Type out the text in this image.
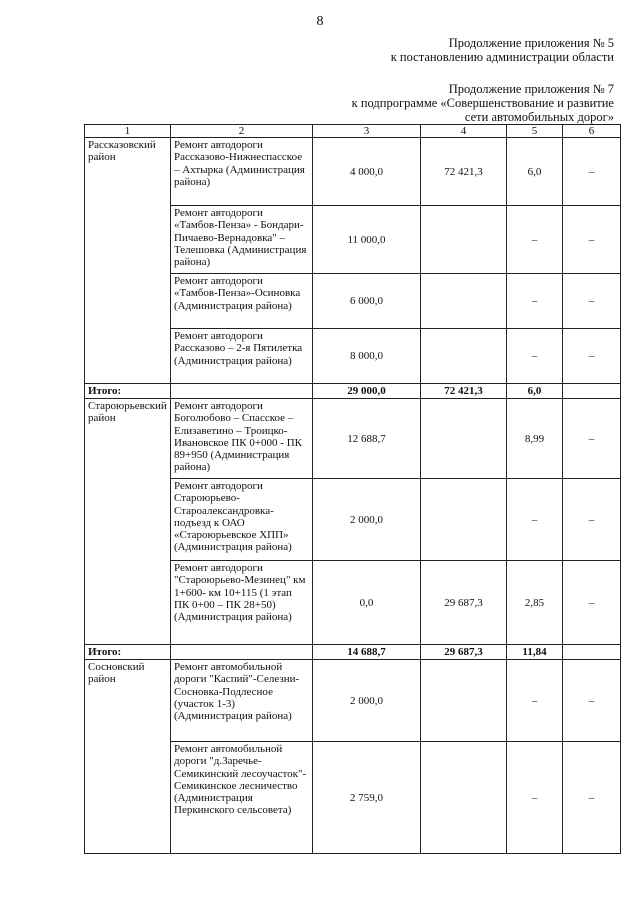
8
Продолжение приложения № 5
к постановлению администрации области
Продолжение приложения № 7
к подпрограмме «Совершенствование и развитие
сети автомобильных дорог»
1	2	3	4	5	6
Рассказовский район	Ремонт автодороги Рассказово-Нижнеспасское – Ахтырка (Администрация района)	4 000,0	72 421,3	6,0	–
	Ремонт автодороги «Тамбов-Пенза» - Бондари-Пичаево-Вернадовка" – Телешовка (Администрация района)	11 000,0		–	–
	Ремонт автодороги «Тамбов-Пенза»-Осиновка (Администрация района)	6 000,0		–	–
	Ремонт автодороги Рассказово – 2-я Пятилетка (Администрация района)	8 000,0		–	–
Итого:		29 000,0	72 421,3	6,0	
Староюрьевский район	Ремонт автодороги Боголюбово – Спасское – Елизаветино – Троицко-Ивановское ПК 0+000 - ПК 89+950 (Администрация района)	12 688,7		8,99	–
	Ремонт автодороги Староюрьево-Староалександровка-подъезд к ОАО «Староюрьевское ХПП» (Администрация района)	2 000,0		–	–
	Ремонт автодороги "Староюрьево-Мезинец" км 1+600- км 10+115 (1 этап ПК 0+00 – ПК 28+50) (Администрация района)	0,0	29 687,3	2,85	–
Итого:		14 688,7	29 687,3	11,84	
Сосновский район	Ремонт автомобильной дороги "Каспий"-Селезни-Сосновка-Подлесное (участок 1-3) (Администрация района)	2 000,0		–	–
	Ремонт автомобильной дороги "д.Заречье-Семикинский лесоучасток"-Семикинское лесничество (Администрация Перкинского сельсовета)	2 759,0		–	–
